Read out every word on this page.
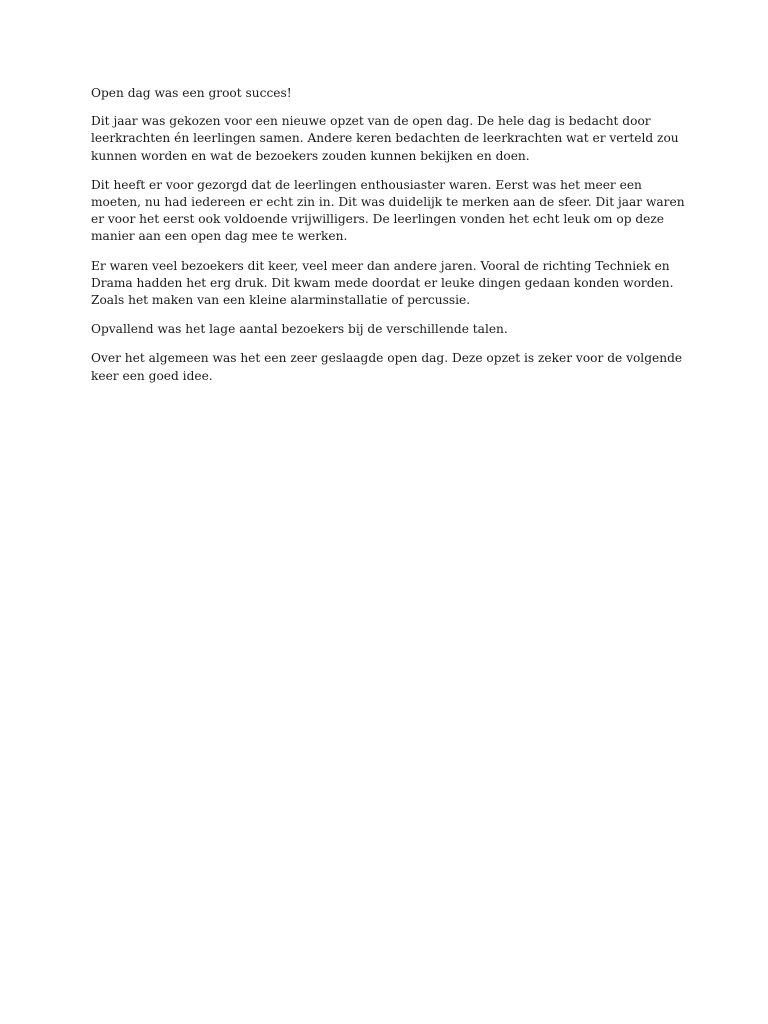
Open dag was een groot succes!

Dit jaar was gekozen voor een nieuwe opzet van de open dag. De hele dag is bedacht door leerkrachten én leerlingen samen. Andere keren bedachten de leerkrachten wat er verteld zou kunnen worden en wat de bezoekers zouden kunnen bekijken en doen.

Dit heeft er voor gezorgd dat de leerlingen enthousiaster waren. Eerst was het meer een moeten, nu had iedereen er echt zin in. Dit was duidelijk te merken aan de sfeer. Dit jaar waren er voor het eerst ook voldoende vrijwilligers. De leerlingen vonden het echt leuk om op deze manier aan een open dag mee te werken.

Er waren veel bezoekers dit keer, veel meer dan andere jaren. Vooral de richting Techniek en Drama hadden het erg druk. Dit kwam mede doordat er leuke dingen gedaan konden worden. Zoals het maken van een kleine alarminstallatie of percussie.

Opvallend was het lage aantal bezoekers bij de verschillende talen.

Over het algemeen was het een zeer geslaagde open dag. Deze opzet is zeker voor de volgende keer een goed idee.
